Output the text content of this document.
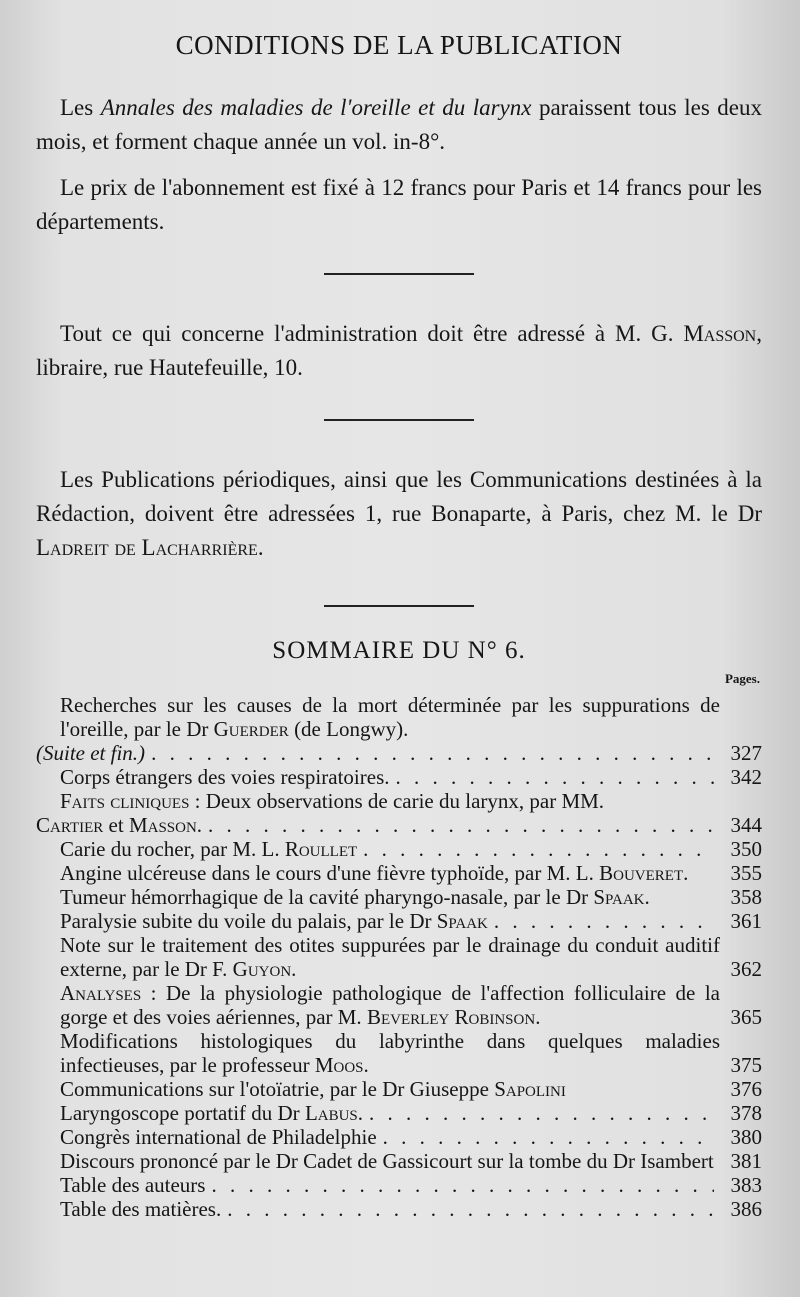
CONDITIONS DE LA PUBLICATION

Les Annales des maladies de l'oreille et du larynx paraissent tous les deux mois, et forment chaque année un vol. in-8°.

Le prix de l'abonnement est fixé à 12 francs pour Paris et 14 francs pour les départements.

Tout ce qui concerne l'administration doit être adressé à M. G. Masson, libraire, rue Hautefeuille, 10.

Les Publications périodiques, ainsi que les Communications destinées à la Rédaction, doivent être adressées 1, rue Bonaparte, à Paris, chez M. le Dr Ladreit de Lacharrière.

SOMMAIRE DU N° 6.
Pages.
Recherches sur les causes de la mort déterminée par les suppurations de l'oreille, par le Dr Guerder (de Longwy).
(Suite et fin.) . . .	327
Corps étrangers des voies respiratoires. . . .	342
Faits cliniques : Deux observations de carie du larynx, par MM.
Cartier et Masson. . . .	344
Carie du rocher, par M. L. Roullet . . .	350
Angine ulcéreuse dans le cours d'une fièvre typhoïde, par M. L. Bouveret.	355
Tumeur hémorrhagique de la cavité pharyngo-nasale, par le Dr Spaak.	358
Paralysie subite du voile du palais, par le Dr Spaak . . .	361
Note sur le traitement des otites suppurées par le drainage du conduit auditif externe, par le Dr F. Guyon.	362
Analyses : De la physiologie pathologique de l'affection folliculaire de la gorge et des voies aériennes, par M. Beverley Robinson.	365
Modifications histologiques du labyrinthe dans quelques maladies infectieuses, par le professeur Moos.	375
Communications sur l'otoïatrie, par le Dr Giuseppe Sapolini	376
Laryngoscope portatif du Dr Labus. . . .	378
Congrès international de Philadelphie . . .	380
Discours prononcé par le Dr Cadet de Gassicourt sur la tombe du Dr Isambert 381
Table des auteurs . . .	383
Table des matières. . . .	386
